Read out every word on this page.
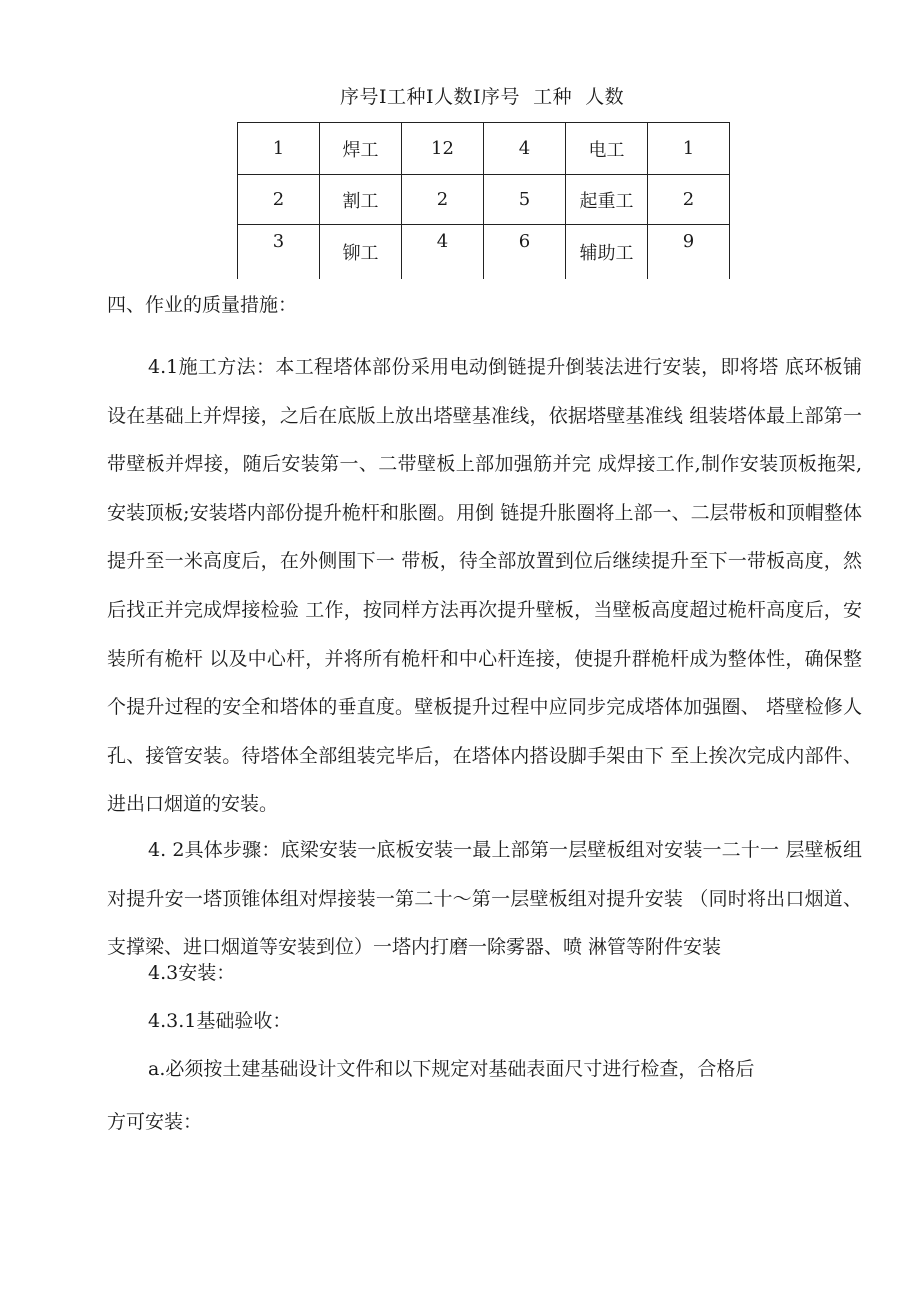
序号I工种I人数I序号  工种  人数
1	焊工	12	4	电工	1
2	割工	2	5	起重工	2
3	铆工	4	6	辅助工	9
四、作业的质量措施：

4.1施工方法：本工程塔体部份采用电动倒链提升倒装法进行安装，即将塔 底环板铺设在基础上并焊接，之后在底版上放出塔壁基准线，依据塔壁基准线 组装塔体最上部第一带壁板并焊接，随后安装第一、二带壁板上部加强筋并完 成焊接工作,制作安装顶板拖架,安装顶板;安装塔内部份提升桅杆和胀圈。用倒 链提升胀圈将上部一、二层带板和顶帽整体提升至一米高度后，在外侧围下一 带板，待全部放置到位后继续提升至下一带板高度，然后找正并完成焊接检验 工作，按同样方法再次提升壁板，当壁板高度超过桅杆高度后，安装所有桅杆 以及中心杆，并将所有桅杆和中心杆连接，使提升群桅杆成为整体性，确保整 个提升过程的安全和塔体的垂直度。壁板提升过程中应同步完成塔体加强圈、 塔壁检修人孔、接管安装。待塔体全部组装完毕后，在塔体内搭设脚手架由下 至上挨次完成内部件、进出口烟道的安装。

4. 2具体步骤：底梁安装一底板安装一最上部第一层壁板组对安装一二十一 层壁板组对提升安一塔顶锥体组对焊接装一第二十～第一层壁板组对提升安装 （同时将出口烟道、支撑梁、进口烟道等安装到位）一塔内打磨一除雾器、喷 淋管等附件安装

4.3安装：
4.3.1基础验收：
a.必须按土建基础设计文件和以下规定对基础表面尺寸进行检查，合格后
方可安装：
